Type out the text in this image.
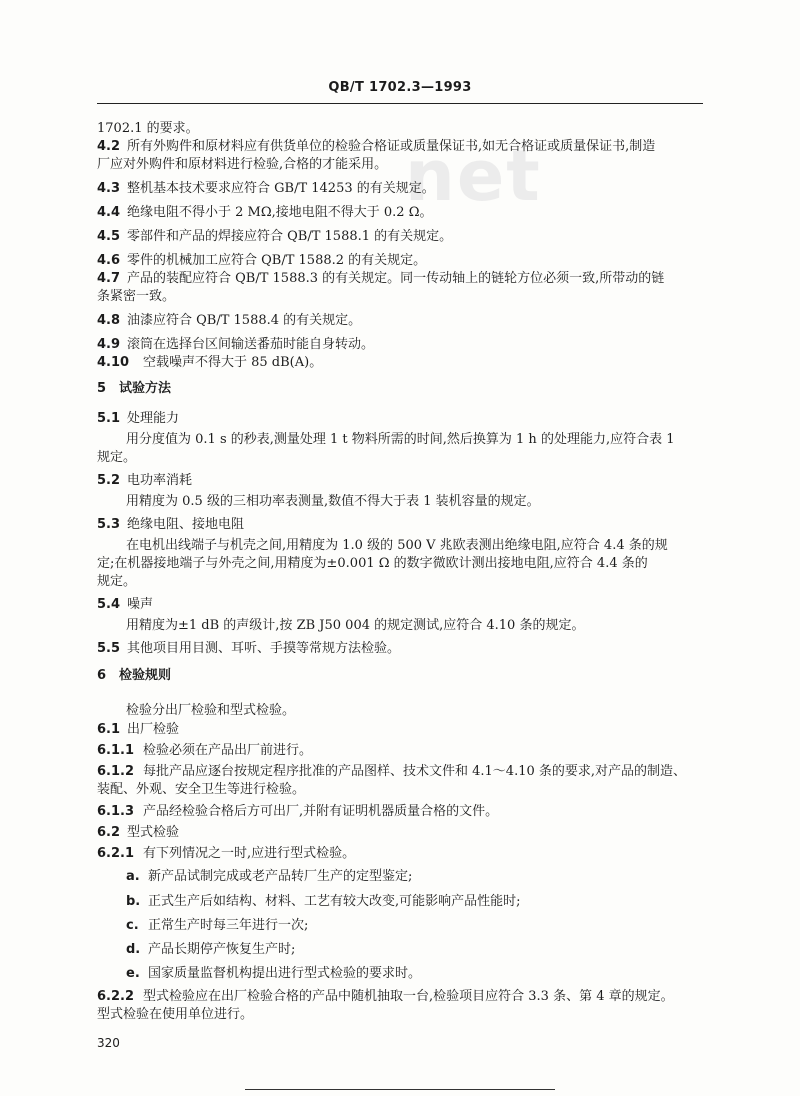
QB/T 1702.3—1993
net
1702.1 的要求。
4.2 所有外购件和原材料应有供货单位的检验合格证或质量保证书,如无合格证或质量保证书,制造
厂应对外购件和原材料进行检验,合格的才能采用。
4.3 整机基本技术要求应符合 GB/T 14253 的有关规定。
4.4 绝缘电阻不得小于 2 MΩ,接地电阻不得大于 0.2 Ω。
4.5 零部件和产品的焊接应符合 QB/T 1588.1 的有关规定。
4.6 零件的机械加工应符合 QB/T 1588.2 的有关规定。
4.7 产品的装配应符合 QB/T 1588.3 的有关规定。同一传动轴上的链轮方位必须一致,所带动的链
条紧密一致。
4.8 油漆应符合 QB/T 1588.4 的有关规定。
4.9 滚筒在选择台区间输送番茄时能自身转动。
4.10 空载噪声不得大于 85 dB(A)。
5 试验方法
5.1 处理能力
用分度值为 0.1 s 的秒表,测量处理 1 t 物料所需的时间,然后换算为 1 h 的处理能力,应符合表 1
规定。
5.2 电功率消耗
用精度为 0.5 级的三相功率表测量,数值不得大于表 1 装机容量的规定。
5.3 绝缘电阻、接地电阻
在电机出线端子与机壳之间,用精度为 1.0 级的 500 V 兆欧表测出绝缘电阻,应符合 4.4 条的规
定;在机器接地端子与外壳之间,用精度为±0.001 Ω 的数字微欧计测出接地电阻,应符合 4.4 条的
规定。
5.4 噪声
用精度为±1 dB 的声级计,按 ZB J50 004 的规定测试,应符合 4.10 条的规定。
5.5 其他项目用目测、耳听、手摸等常规方法检验。
6 检验规则
检验分出厂检验和型式检验。
6.1 出厂检验
6.1.1 检验必须在产品出厂前进行。
6.1.2 每批产品应逐台按规定程序批准的产品图样、技术文件和 4.1～4.10 条的要求,对产品的制造、
装配、外观、安全卫生等进行检验。
6.1.3 产品经检验合格后方可出厂,并附有证明机器质量合格的文件。
6.2 型式检验
6.2.1 有下列情况之一时,应进行型式检验。
a. 新产品试制完成或老产品转厂生产的定型鉴定;
b. 正式生产后如结构、材料、工艺有较大改变,可能影响产品性能时;
c. 正常生产时每三年进行一次;
d. 产品长期停产恢复生产时;
e. 国家质量监督机构提出进行型式检验的要求时。
6.2.2 型式检验应在出厂检验合格的产品中随机抽取一台,检验项目应符合 3.3 条、第 4 章的规定。
型式检验在使用单位进行。
320
